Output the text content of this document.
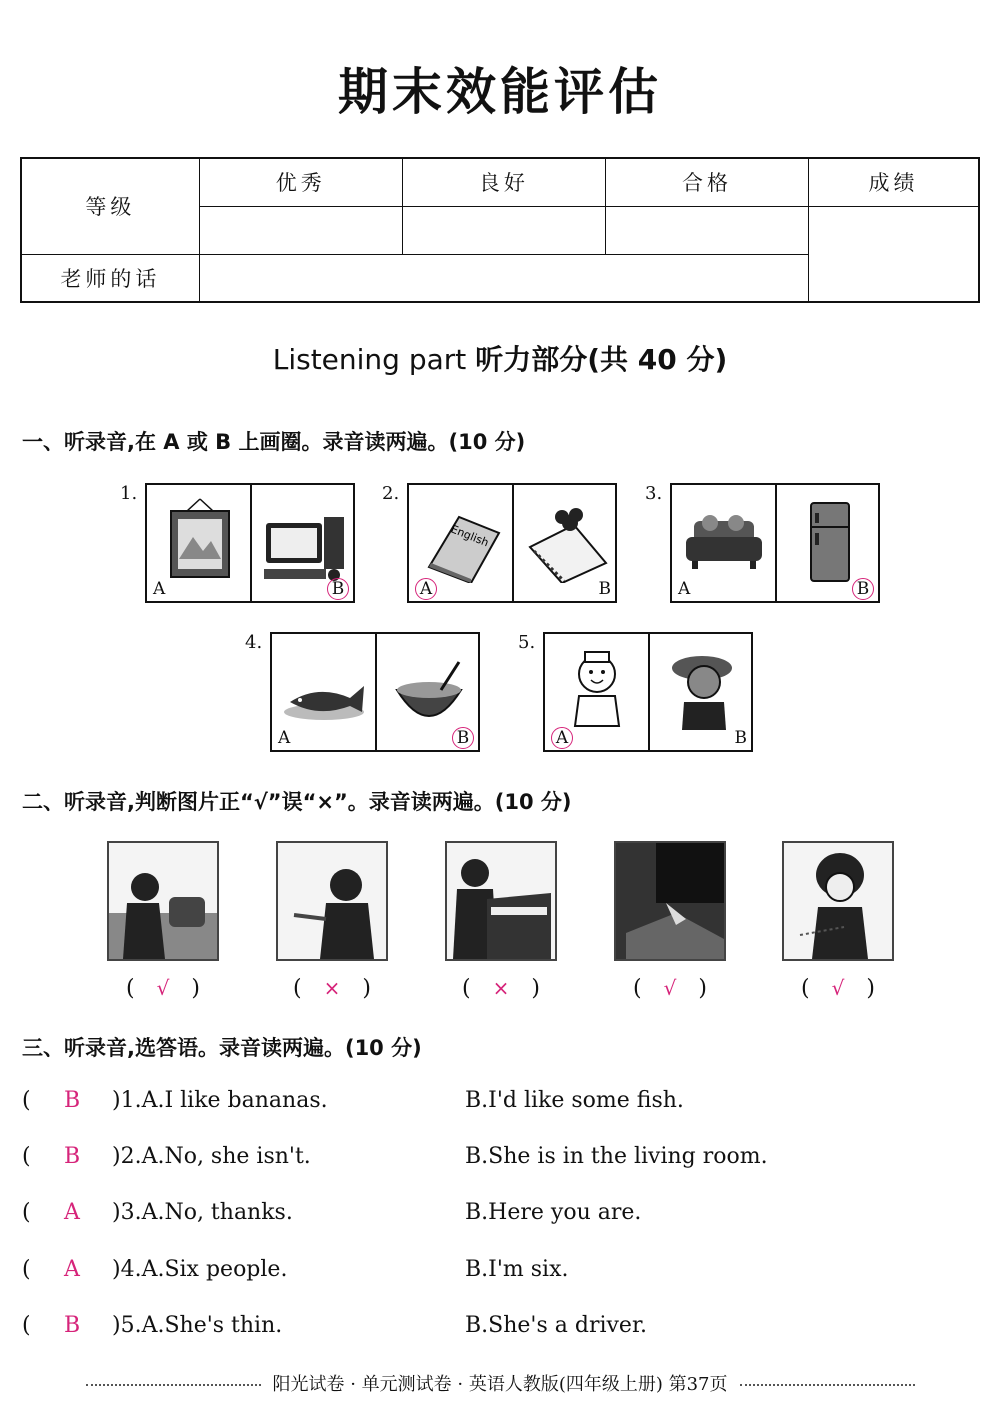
期末效能评估
等级	优秀	良好	合格	成绩

老师的话				
Listening part 听力部分(共 40 分)
一、听录音,在 A 或 B 上画圈。录音读两遍。(10 分)
1.
A	B
2.
English
A	B
3.
A	B
4.
A	B
5.
A	B
二、听录音,判断图片正“√”误“×”。录音读两遍。(10 分)
( √ )	( × )	( × )	( √ )	( √ )
三、听录音,选答语。录音读两遍。(10 分)
( B )1.A.I like bananas.	B.I'd like some fish.
( B )2.A.No, she isn't.	B.She is in the living room.
( A )3.A.No, thanks.	B.Here you are.
( A )4.A.Six people.	B.I'm six.
( B )5.A.She's thin.	B.She's a driver.
阳光试卷 · 单元测试卷 · 英语人教版(四年级上册) 第37页
